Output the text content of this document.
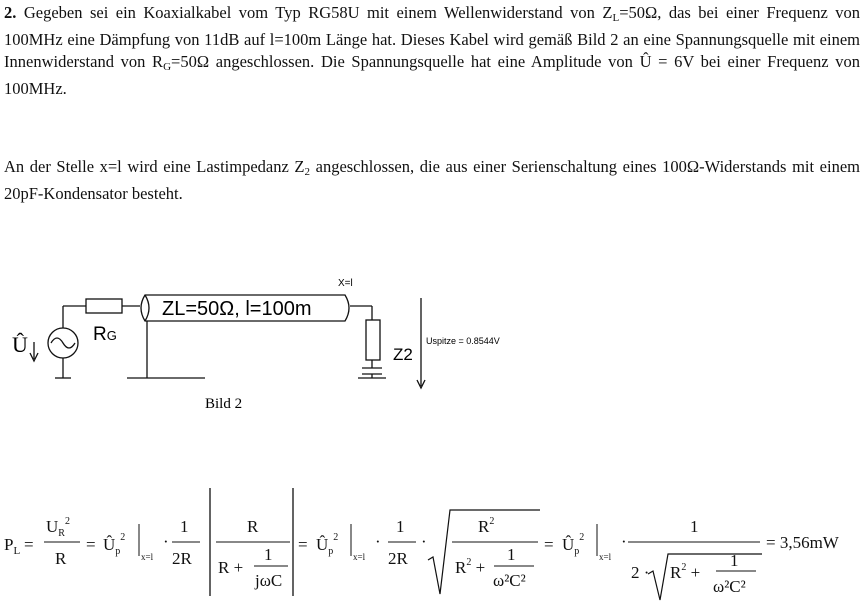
2. Gegeben sei ein Koaxialkabel vom Typ RG58U mit einem Wellenwiderstand von $Z_L=50\Omega$, das bei einer Frequenz von 100MHz eine Dämpfung von 11dB auf l=100m Länge hat. Dieses Kabel wird gemäß Bild 2 an eine Spannungsquelle mit einem Innenwiderstand von $R_G=50\Omega$ angeschlossen. Die Spannungsquelle hat eine Amplitude von Û = 6V bei einer Frequenz von 100MHz.

An der Stelle x=l wird eine Lastimpedanz $Z_2$ angeschlossen, die aus einer Serienschaltung eines 100Ω-Widerstands mit einem 20pF-Kondensator besteht.

Û	RG
ZL=50Ω, l=100m
X=l
Z2
Uspitze = 0.8544V
Bild 2
$P_L$ =
$U_R^2$
R
= $Û_p^2$
x=l
·
1
2R
R
R +
1
jωC
= $Û_p^2$
x=l
·
1
2R
·
$R^2$
$R^2$ +
1
ω²C²
= $Û_p^2$
x=l
·
1
$2 \cdot R^2$ +
1
ω²C²
= 3,56mW
